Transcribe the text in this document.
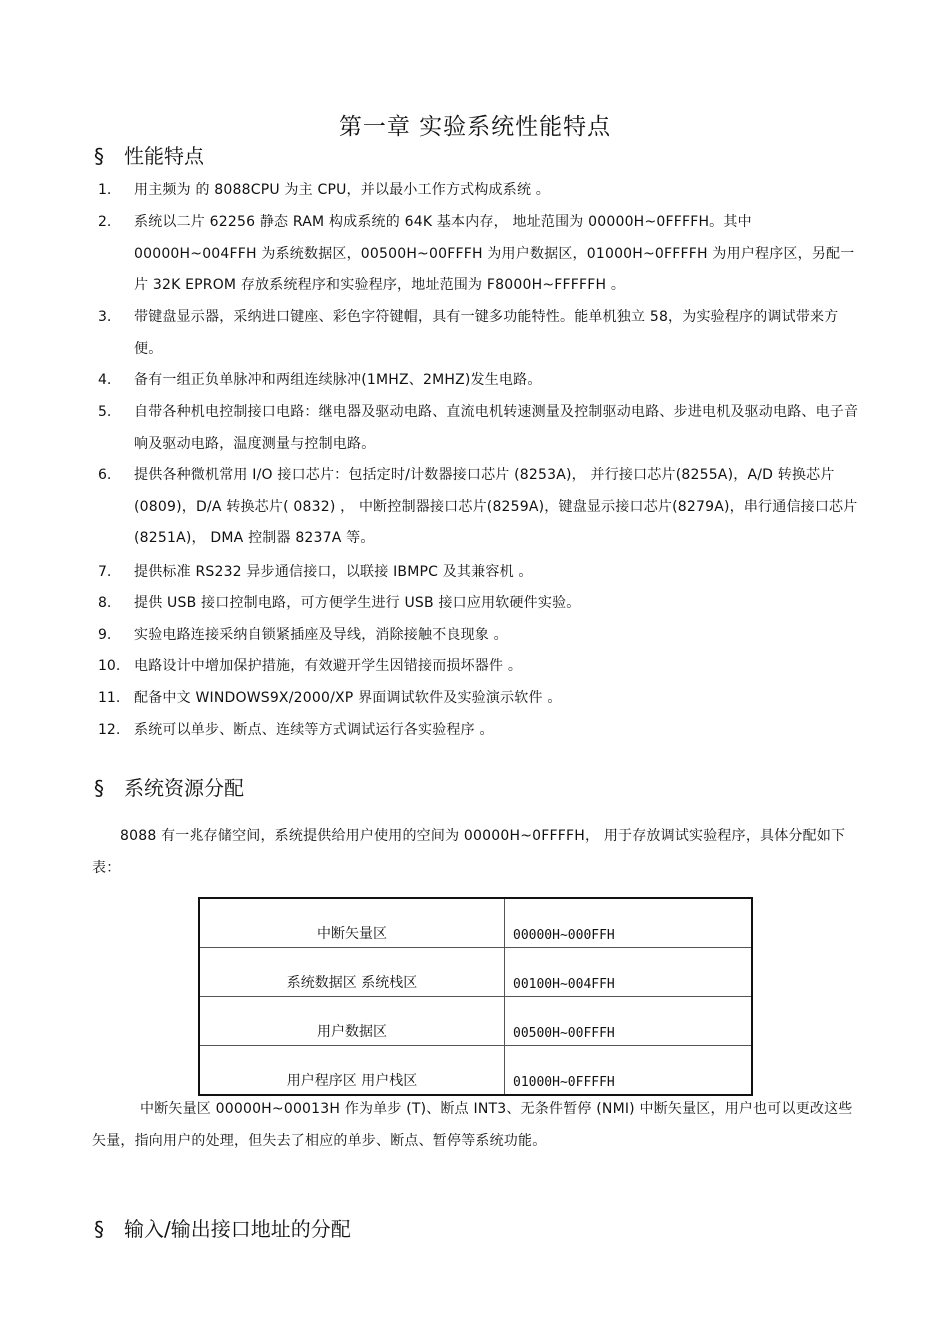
第一章 实验系统性能特点
§ 性能特点
1.	用主频为 的 8088CPU 为主 CPU，并以最小工作方式构成系统 。
2.	系统以二片 62256 静态 RAM 构成系统的 64K 基本内存， 地址范围为 00000H~0FFFFH。其中 00000H~004FFH 为系统数据区，00500H~00FFFH 为用户数据区，01000H~0FFFFH 为用户程序区，另配一片 32K EPROM 存放系统程序和实验程序，地址范围为 F8000H~FFFFFH 。
3.	带键盘显示器，采纳进口键座、彩色字符键帽，具有一键多功能特性。能单机独立 58，为实验程序的调试带来方便。
4.	备有一组正负单脉冲和两组连续脉冲(1MHZ、2MHZ)发生电路。
5.	自带各种机电控制接口电路：继电器及驱动电路、直流电机转速测量及控制驱动电路、步进电机及驱动电路、电子音响及驱动电路，温度测量与控制电路。
6.	提供各种微机常用 I/O 接口芯片：包括定时/计数器接口芯片 (8253A)， 并行接口芯片(8255A)，A/D 转换芯片(0809)，D/A 转换芯片( 0832) ， 中断控制器接口芯片(8259A)，键盘显示接口芯片(8279A)，串行通信接口芯片(8251A)， DMA 控制器 8237A 等。
7.	提供标准 RS232 异步通信接口，以联接 IBMPC 及其兼容机 。
8.	提供 USB 接口控制电路，可方便学生进行 USB 接口应用软硬件实验。
9.	实验电路连接采纳自锁紧插座及导线，消除接触不良现象 。
10. 电路设计中增加保护措施，有效避开学生因错接而损坏器件 。
11. 配备中文 WINDOWS9X/2000/XP 界面调试软件及实验演示软件 。
12. 系统可以单步、断点、连续等方式调试运行各实验程序 。
§ 系统资源分配
8088 有一兆存储空间，系统提供给用户使用的空间为 00000H~0FFFFH， 用于存放调试实验程序，具体分配如下表：
中断矢量区	00000H~000FFH
系统数据区 系统栈区	00100H~004FFH
用户数据区	00500H~00FFFH
用户程序区 用户栈区	01000H~0FFFFH
中断矢量区 00000H~00013H 作为单步 (T)、断点 INT3、无条件暂停 (NMI) 中断矢量区，用户也可以更改这些矢量，指向用户的处理，但失去了相应的单步、断点、暂停等系统功能。
§ 输入/输出接口地址的分配
